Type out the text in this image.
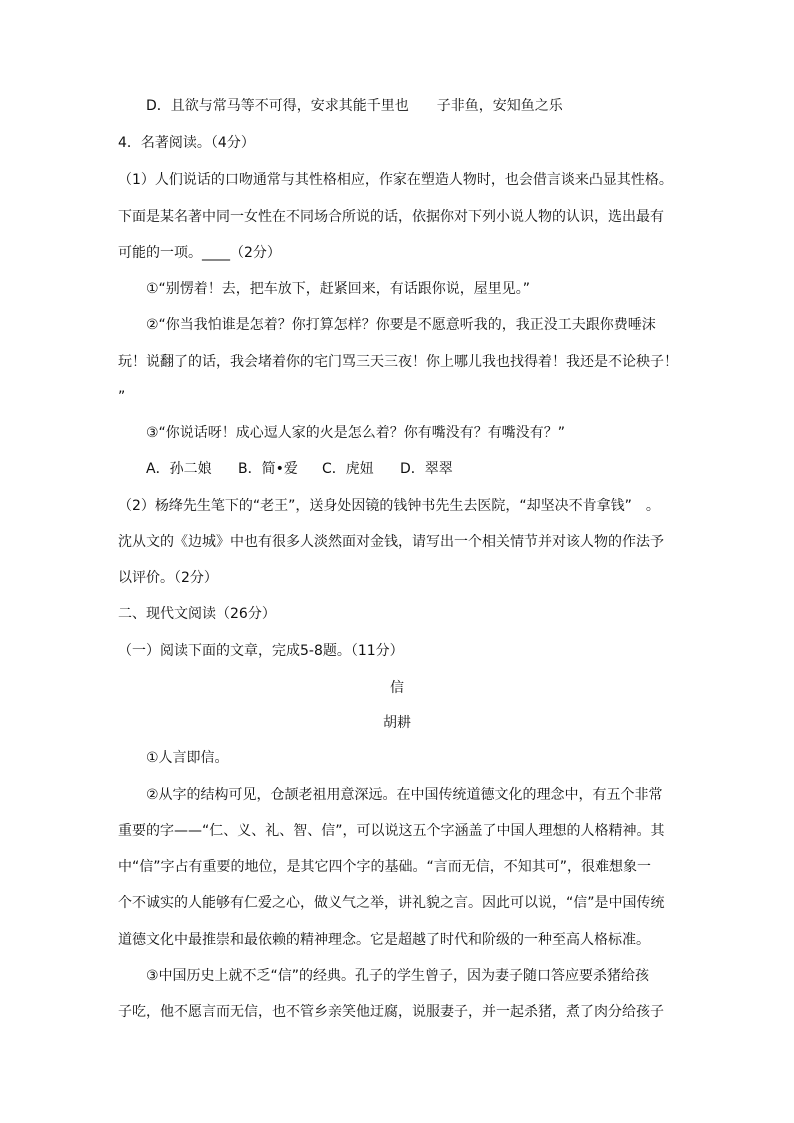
D．且欲与常马等不可得，安求其能千里也　　子非鱼，安知鱼之乐
4．名著阅读。（4分）
（1）人们说话的口吻通常与其性格相应，作家在塑造人物时，也会借言谈来凸显其性格。
下面是某名著中同一女性在不同场合所说的话，依据你对下列小说人物的认识，选出最有
可能的一项。____（2分）
①“别愣着！去，把车放下，赶紧回来，有话跟你说，屋里见。”
②“你当我怕谁是怎着？你打算怎样？你要是不愿意听我的，我正没工夫跟你费唾沫
玩！说翻了的话，我会堵着你的宅门骂三天三夜！你上哪儿我也找得着！我还是不论秧子！
”
③“你说话呀！成心逗人家的火是怎么着？你有嘴没有？有嘴没有？”
A．孙二娘 B．简•爱 C．虎妞 D．翠翠
（2）杨绛先生笔下的“老王”，送身处因镜的钱钟书先生去医院，“却坚决不肯拿钱”　。
沈从文的《边城》中也有很多人淡然面对金钱，请写出一个相关情节并对该人物的作法予
以评价。（2分）
二、现代文阅读（26分）
（一）阅读下面的文章，完成5-8题。（11分）
信
胡耕
①人言即信。
②从字的结构可见，仓颉老祖用意深远。在中国传统道德文化的理念中，有五个非常
重要的字——“仁、义、礼、智、信”，可以说这五个字涵盖了中国人理想的人格精神。其
中“信”字占有重要的地位，是其它四个字的基础。“言而无信，不知其可”，很难想象一
个不诚实的人能够有仁爱之心，做义气之举，讲礼貌之言。因此可以说，“信”是中国传统
道德文化中最推崇和最依赖的精神理念。它是超越了时代和阶级的一种至高人格标准。
③中国历史上就不乏“信”的经典。孔子的学生曾子，因为妻子随口答应要杀猪给孩
子吃，他不愿言而无信，也不管乡亲笑他迂腐，说服妻子，并一起杀猪，煮了肉分给孩子
